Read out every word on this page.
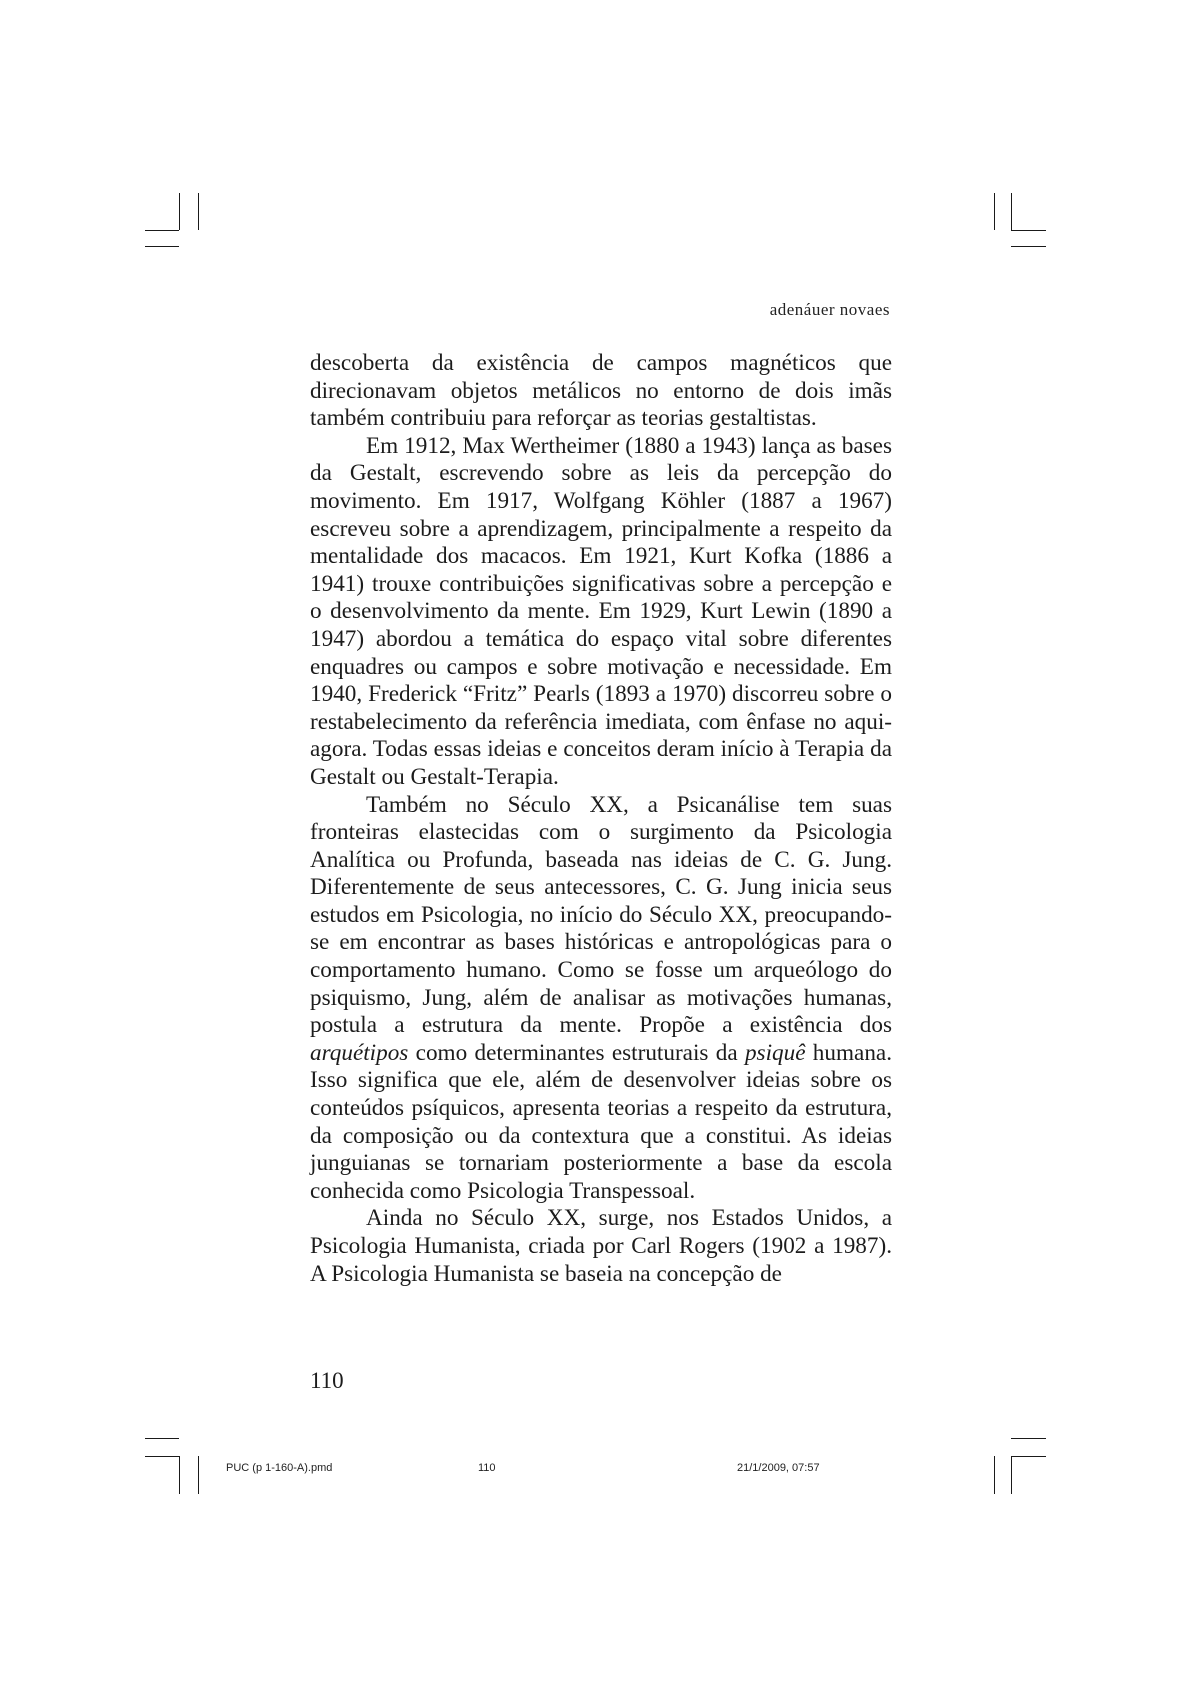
adenáuer novaes

descoberta da existência de campos magnéticos que direcionavam objetos metálicos no entorno de dois imãs também contribuiu para reforçar as teorias gestaltistas.

Em 1912, Max Wertheimer (1880 a 1943) lança as bases da Gestalt, escrevendo sobre as leis da percepção do movimento. Em 1917, Wolfgang Köhler (1887 a 1967) escreveu sobre a aprendizagem, principalmente a respeito da mentalidade dos macacos. Em 1921, Kurt Kofka (1886 a 1941) trouxe contribuições significativas sobre a percepção e o desenvolvimento da mente. Em 1929, Kurt Lewin (1890 a 1947) abordou a temática do espaço vital sobre diferentes enquadres ou campos e sobre motivação e necessidade. Em 1940, Frederick “Fritz” Pearls (1893 a 1970) discorreu sobre o restabelecimento da referência imediata, com ênfase no aqui-agora. Todas essas ideias e conceitos deram início à Terapia da Gestalt ou Gestalt-Terapia.

Também no Século XX, a Psicanálise tem suas fronteiras elastecidas com o surgimento da Psicologia Analítica ou Profunda, baseada nas ideias de C. G. Jung. Diferentemente de seus antecessores, C. G. Jung inicia seus estudos em Psicologia, no início do Século XX, preocupando-se em encontrar as bases históricas e antropológicas para o comportamento humano. Como se fosse um arqueólogo do psiquismo, Jung, além de analisar as motivações humanas, postula a estrutura da mente. Propõe a existência dos arquétipos como determinantes estruturais da psiquê humana. Isso significa que ele, além de desenvolver ideias sobre os conteúdos psíquicos, apresenta teorias a respeito da estrutura, da composição ou da contextura que a constitui. As ideias junguianas se tornariam posteriormente a base da escola conhecida como Psicologia Transpessoal.

Ainda no Século XX, surge, nos Estados Unidos, a Psicologia Humanista, criada por Carl Rogers (1902 a 1987). A Psicologia Humanista se baseia na concepção de

110
PUC (p 1-160-A).pmd	110	21/1/2009, 07:57
